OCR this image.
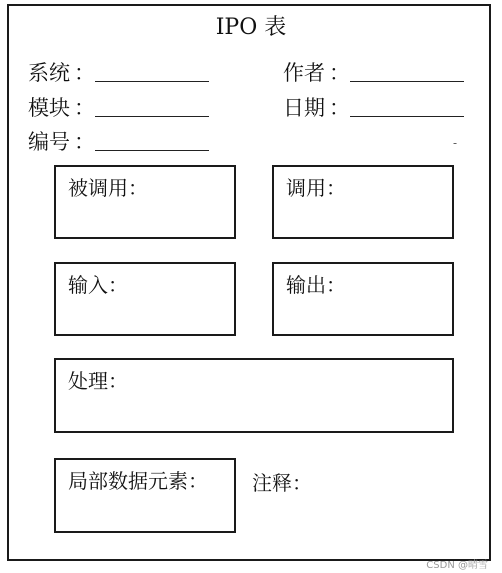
IPO 表
系统 ：	作者 ：
模块 ：	日期 ：
编号 ：	-
被调用：	调用：
输入：	输出：
处理：
局部数据元素： 注释：
CSDN @晴雪
